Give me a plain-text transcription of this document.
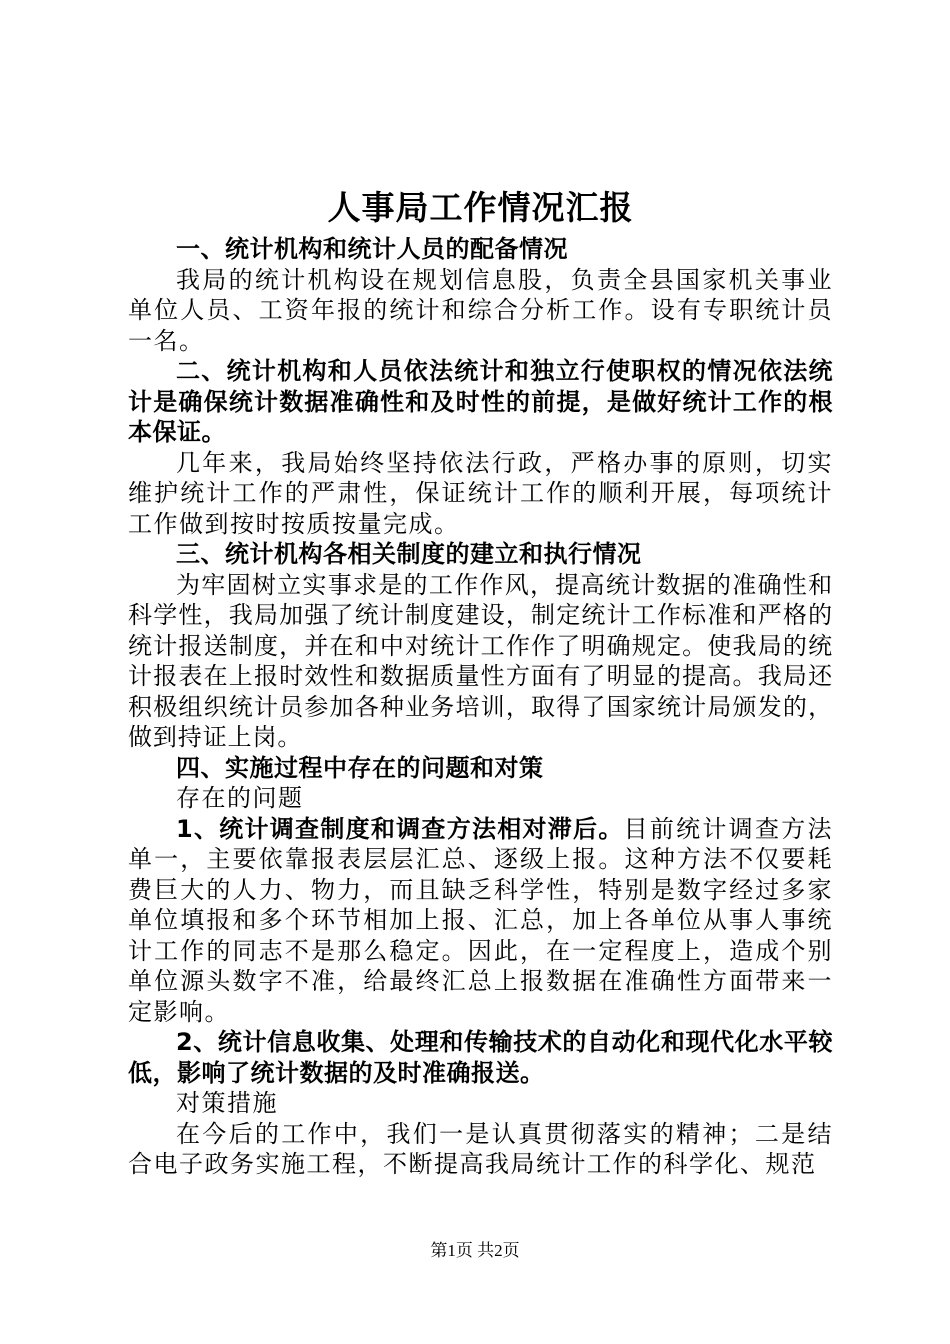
人事局工作情况汇报
一、统计机构和统计人员的配备情况
我局的统计机构设在规划信息股，负责全县国家机关事业单位人员、工资年报的统计和综合分析工作。设有专职统计员一名。
二、统计机构和人员依法统计和独立行使职权的情况依法统计是确保统计数据准确性和及时性的前提，是做好统计工作的根本保证。
几年来，我局始终坚持依法行政，严格办事的原则，切实维护统计工作的严肃性，保证统计工作的顺利开展，每项统计工作做到按时按质按量完成。
三、统计机构各相关制度的建立和执行情况
为牢固树立实事求是的工作作风，提高统计数据的准确性和科学性，我局加强了统计制度建设，制定统计工作标准和严格的统计报送制度，并在和中对统计工作作了明确规定。使我局的统计报表在上报时效性和数据质量性方面有了明显的提高。我局还积极组织统计员参加各种业务培训，取得了国家统计局颁发的，做到持证上岗。
四、实施过程中存在的问题和对策
存在的问题
1、统计调查制度和调查方法相对滞后。目前统计调查方法单一，主要依靠报表层层汇总、逐级上报。这种方法不仅要耗费巨大的人力、物力，而且缺乏科学性，特别是数字经过多家单位填报和多个环节相加上报、汇总，加上各单位从事人事统计工作的同志不是那么稳定。因此，在一定程度上，造成个别单位源头数字不准，给最终汇总上报数据在准确性方面带来一定影响。
2、统计信息收集、处理和传输技术的自动化和现代化水平较低，影响了统计数据的及时准确报送。
对策措施
在今后的工作中，我们一是认真贯彻落实的精神；二是结合电子政务实施工程，不断提高我局统计工作的科学化、规范
第1页 共2页
